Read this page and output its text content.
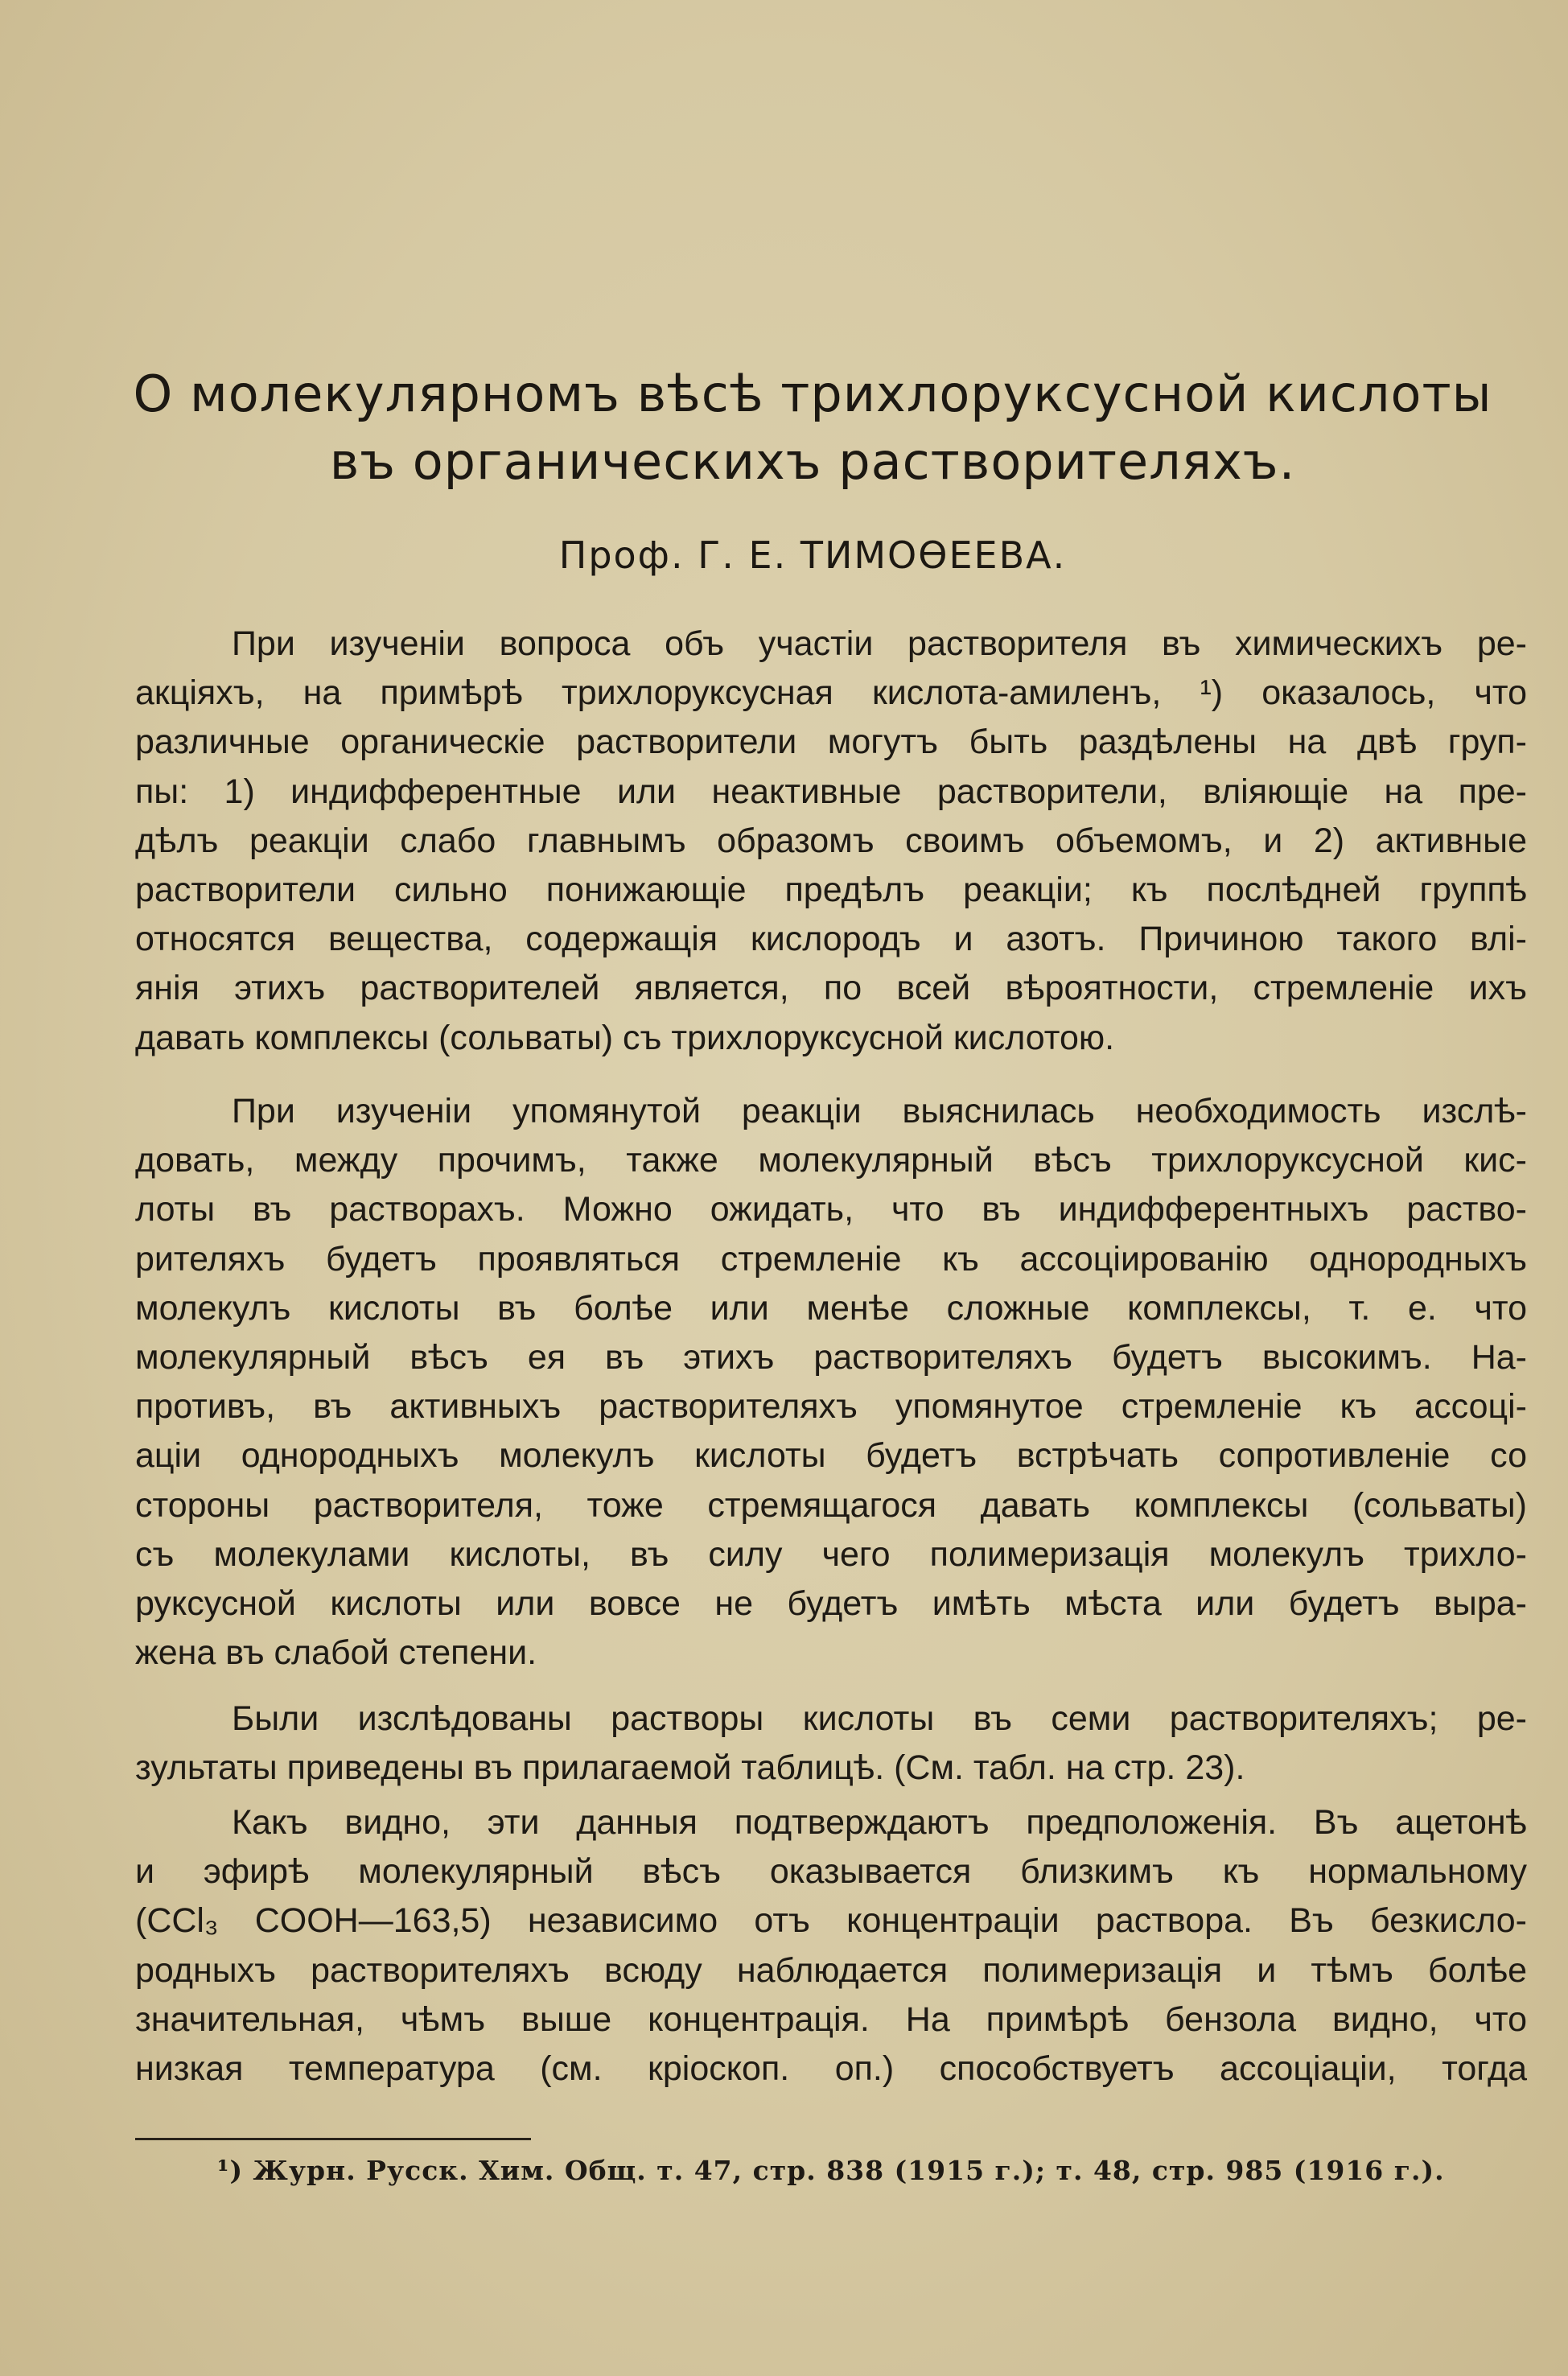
О молекулярномъ вѣсѣ трихлоруксусной кислоты
въ органическихъ растворителяхъ.
Проф. Г. Е. ТИМОѲЕЕВА.
При изученiи вопроса объ участiи растворителя въ химическихъ ре-
акцiяхъ, на примѣрѣ трихлоруксусная кислота-амиленъ, ¹) оказалось, что
различные органическiе растворители могутъ быть раздѣлены на двѣ груп-
пы: 1) индифферентные или неактивные растворители, влiяющiе на пре-
дѣлъ реакцiи слабо главнымъ образомъ своимъ объемомъ, и 2) активные
растворители сильно понижающiе предѣлъ реакцiи; къ послѣдней группѣ
относятся вещества, содержащiя кислородъ и азотъ. Причиною такого влi-
янiя этихъ растворителей является, по всей вѣроятности, стремленiе ихъ
давать комплексы (сольваты) съ трихлоруксусной кислотою.
При изученiи упомянутой реакцiи выяснилась необходимость изслѣ-
довать, между прочимъ, также молекулярный вѣсъ трихлоруксусной кис-
лоты въ растворахъ. Можно ожидать, что въ индифферентныхъ раство-
рителяхъ будетъ проявляться стремленiе къ ассоцiированiю однородныхъ
молекулъ кислоты въ болѣе или менѣе сложные комплексы, т. е. что
молекулярный вѣсъ ея въ этихъ растворителяхъ будетъ высокимъ. На-
противъ, въ активныхъ растворителяхъ упомянутое стремленiе къ ассоцi-
ацiи однородныхъ молекулъ кислоты будетъ встрѣчать сопротивленiе со
стороны растворителя, тоже стремящагося давать комплексы (сольваты)
съ молекулами кислоты, въ силу чего полимеризацiя молекулъ трихло-
руксусной кислоты или вовсе не будетъ имѣть мѣста или будетъ выра-
жена въ слабой степени.
Были изслѣдованы растворы кислоты въ семи растворителяхъ; ре-
зультаты приведены въ прилагаемой таблицѣ. (См. табл. на стр. 23).
Какъ видно, эти данныя подтверждаютъ предположенiя. Въ ацетонѣ
и эфирѣ молекулярный вѣсъ оказывается близкимъ къ нормальному
(CCl₃ COOH—163,5) независимо отъ концентрацiи раствора. Въ безкисло-
родныхъ растворителяхъ всюду наблюдается полимеризацiя и тѣмъ болѣе
значительная, чѣмъ выше концентрацiя. На примѣрѣ бензола видно, что
низкая температура (см. крiоскоп. оп.) способствуетъ ассоцiацiи, тогда
¹) Журн. Русск. Хим. Общ. т. 47, стр. 838 (1915 г.); т. 48, стр. 985 (1916 г.).
